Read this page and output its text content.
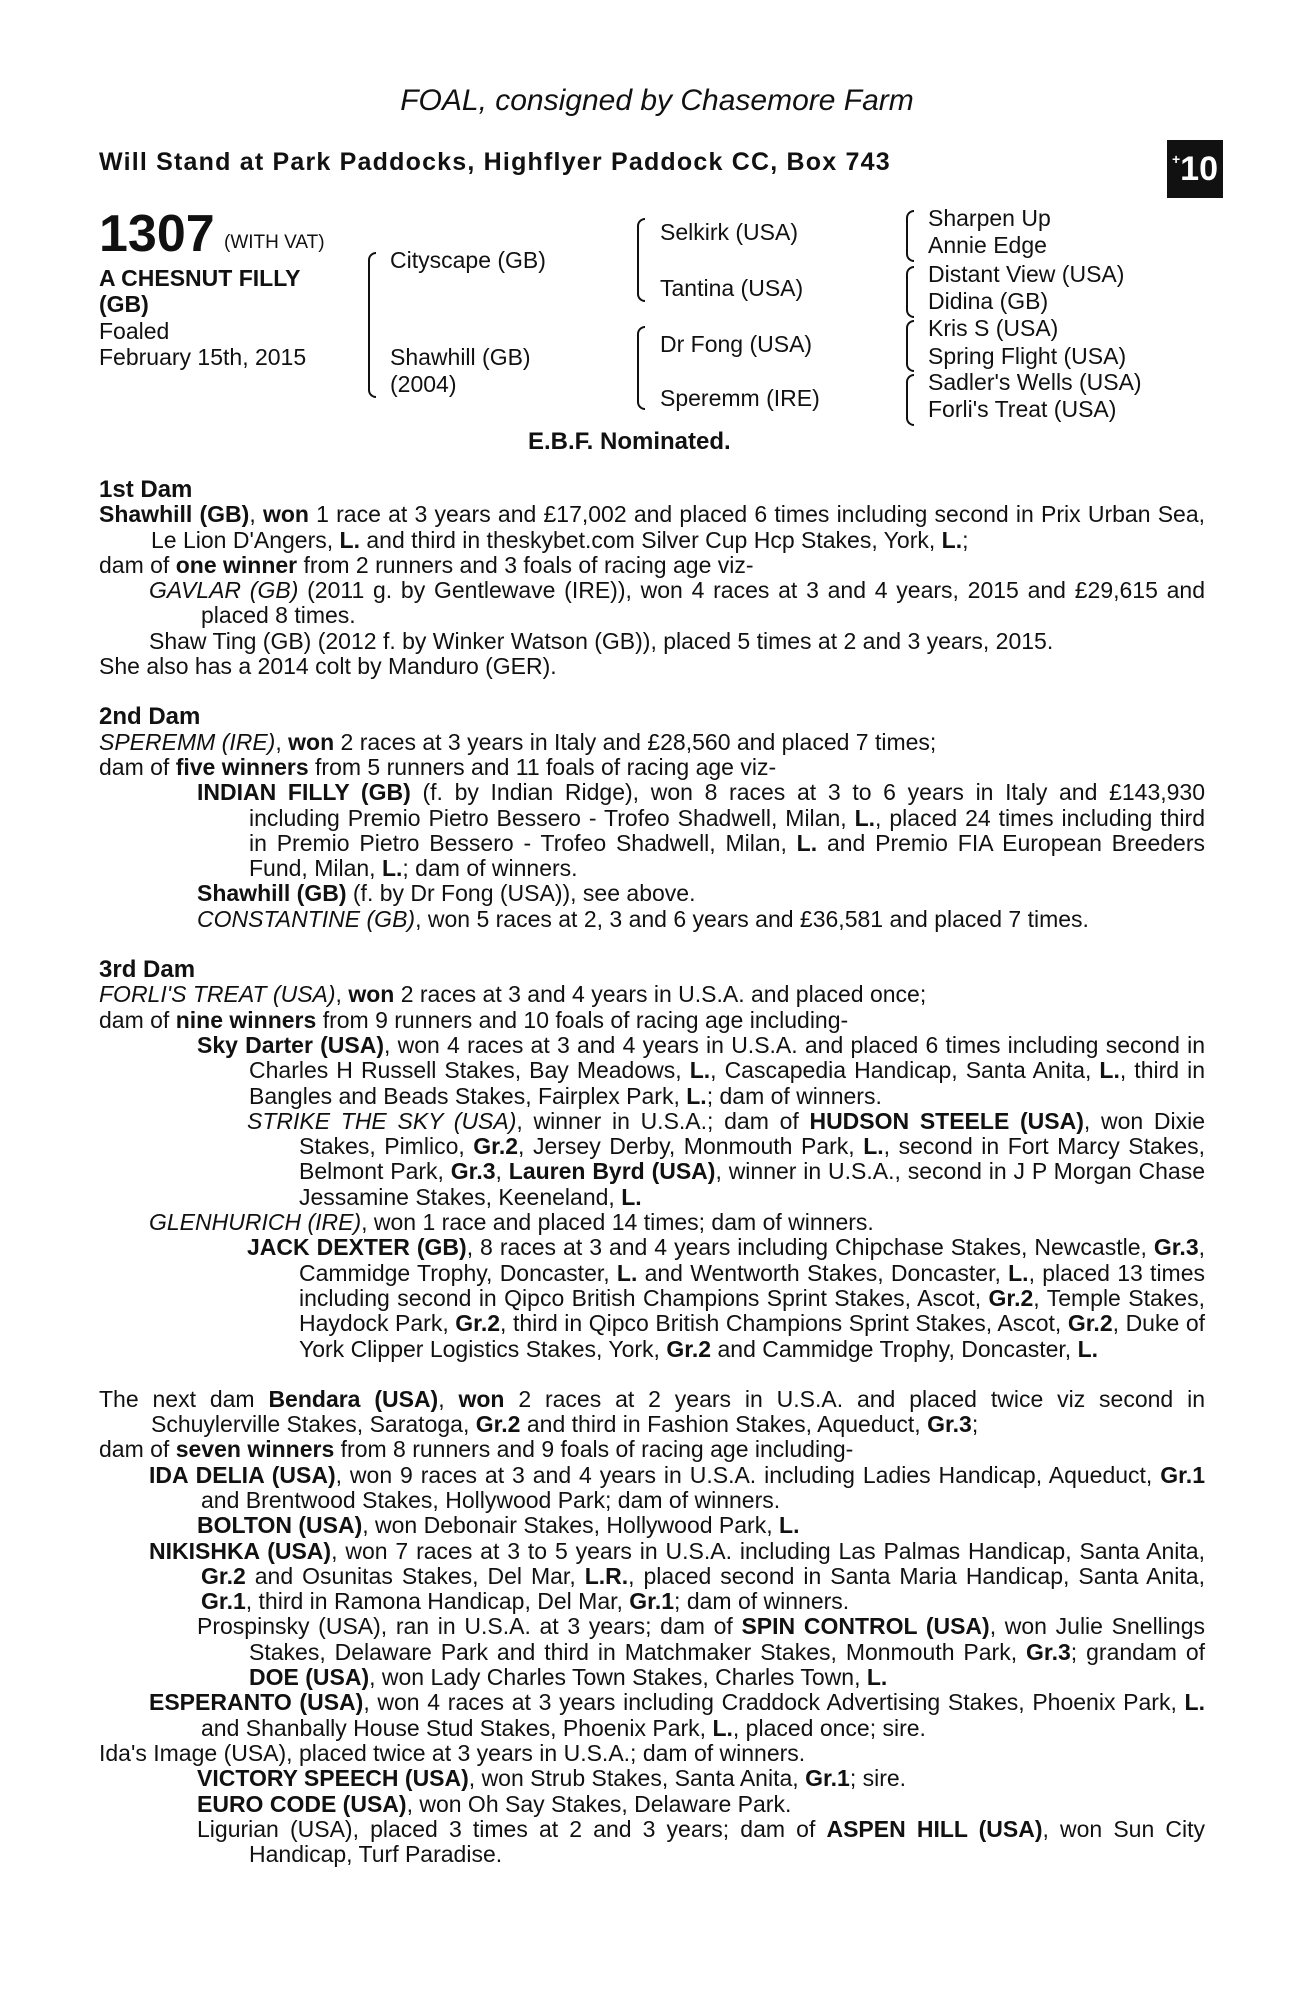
FOAL, consigned by Chasemore Farm
Will Stand at Park Paddocks, Highflyer Paddock CC, Box 743	+ 10
1307 (WITH VAT)
A CHESNUT FILLY
(GB)
Foaled
February 15th, 2015
Cityscape (GB)
Shawhill (GB)
(2004)
Selkirk (USA)
Tantina (USA)
Dr Fong (USA)
Speremm (IRE)
Sharpen Up
Annie Edge
Distant View (USA)
Didina (GB)
Kris S (USA)
Spring Flight (USA)
Sadler's Wells (USA)
Forli's Treat (USA)
E.B.F. Nominated.

1st Dam

Shawhill (GB), won 1 race at 3 years and £17,002 and placed 6 times including second in Prix Urban Sea, Le Lion D'Angers, L. and third in theskybet.com Silver Cup Hcp Stakes, York, L.;

dam of one winner from 2 runners and 3 foals of racing age viz-

GAVLAR (GB) (2011 g. by Gentlewave (IRE)), won 4 races at 3 and 4 years, 2015 and £29,615 and placed 8 times.

Shaw Ting (GB) (2012 f. by Winker Watson (GB)), placed 5 times at 2 and 3 years, 2015.

She also has a 2014 colt by Manduro (GER).

2nd Dam

SPEREMM (IRE), won 2 races at 3 years in Italy and £28,560 and placed 7 times;

dam of five winners from 5 runners and 11 foals of racing age viz-

INDIAN FILLY (GB) (f. by Indian Ridge), won 8 races at 3 to 6 years in Italy and £143,930 including Premio Pietro Bessero - Trofeo Shadwell, Milan, L., placed 24 times including third in Premio Pietro Bessero - Trofeo Shadwell, Milan, L. and Premio FIA European Breeders Fund, Milan, L.; dam of winners.

Shawhill (GB) (f. by Dr Fong (USA)), see above.

CONSTANTINE (GB), won 5 races at 2, 3 and 6 years and £36,581 and placed 7 times.

3rd Dam

FORLI'S TREAT (USA), won 2 races at 3 and 4 years in U.S.A. and placed once;

dam of nine winners from 9 runners and 10 foals of racing age including-

Sky Darter (USA), won 4 races at 3 and 4 years in U.S.A. and placed 6 times including second in Charles H Russell Stakes, Bay Meadows, L., Cascapedia Handicap, Santa Anita, L., third in Bangles and Beads Stakes, Fairplex Park, L.; dam of winners.

STRIKE THE SKY (USA), winner in U.S.A.; dam of HUDSON STEELE (USA), won Dixie Stakes, Pimlico, Gr.2, Jersey Derby, Monmouth Park, L., second in Fort Marcy Stakes, Belmont Park, Gr.3, Lauren Byrd (USA), winner in U.S.A., second in J P Morgan Chase Jessamine Stakes, Keeneland, L.

GLENHURICH (IRE), won 1 race and placed 14 times; dam of winners.

JACK DEXTER (GB), 8 races at 3 and 4 years including Chipchase Stakes, Newcastle, Gr.3, Cammidge Trophy, Doncaster, L. and Wentworth Stakes, Doncaster, L., placed 13 times including second in Qipco British Champions Sprint Stakes, Ascot, Gr.2, Temple Stakes, Haydock Park, Gr.2, third in Qipco British Champions Sprint Stakes, Ascot, Gr.2, Duke of York Clipper Logistics Stakes, York, Gr.2 and Cammidge Trophy, Doncaster, L.

The next dam Bendara (USA), won 2 races at 2 years in U.S.A. and placed twice viz second in Schuylerville Stakes, Saratoga, Gr.2 and third in Fashion Stakes, Aqueduct, Gr.3;

dam of seven winners from 8 runners and 9 foals of racing age including-

IDA DELIA (USA), won 9 races at 3 and 4 years in U.S.A. including Ladies Handicap, Aqueduct, Gr.1 and Brentwood Stakes, Hollywood Park; dam of winners.

BOLTON (USA), won Debonair Stakes, Hollywood Park, L.

NIKISHKA (USA), won 7 races at 3 to 5 years in U.S.A. including Las Palmas Handicap, Santa Anita, Gr.2 and Osunitas Stakes, Del Mar, L.R., placed second in Santa Maria Handicap, Santa Anita, Gr.1, third in Ramona Handicap, Del Mar, Gr.1; dam of winners.

Prospinsky (USA), ran in U.S.A. at 3 years; dam of SPIN CONTROL (USA), won Julie Snellings Stakes, Delaware Park and third in Matchmaker Stakes, Monmouth Park, Gr.3; grandam of DOE (USA), won Lady Charles Town Stakes, Charles Town, L.

ESPERANTO (USA), won 4 races at 3 years including Craddock Advertising Stakes, Phoenix Park, L. and Shanbally House Stud Stakes, Phoenix Park, L., placed once; sire.

Ida's Image (USA), placed twice at 3 years in U.S.A.; dam of winners.

VICTORY SPEECH (USA), won Strub Stakes, Santa Anita, Gr.1; sire.

EURO CODE (USA), won Oh Say Stakes, Delaware Park.

Ligurian (USA), placed 3 times at 2 and 3 years; dam of ASPEN HILL (USA), won Sun City Handicap, Turf Paradise.
